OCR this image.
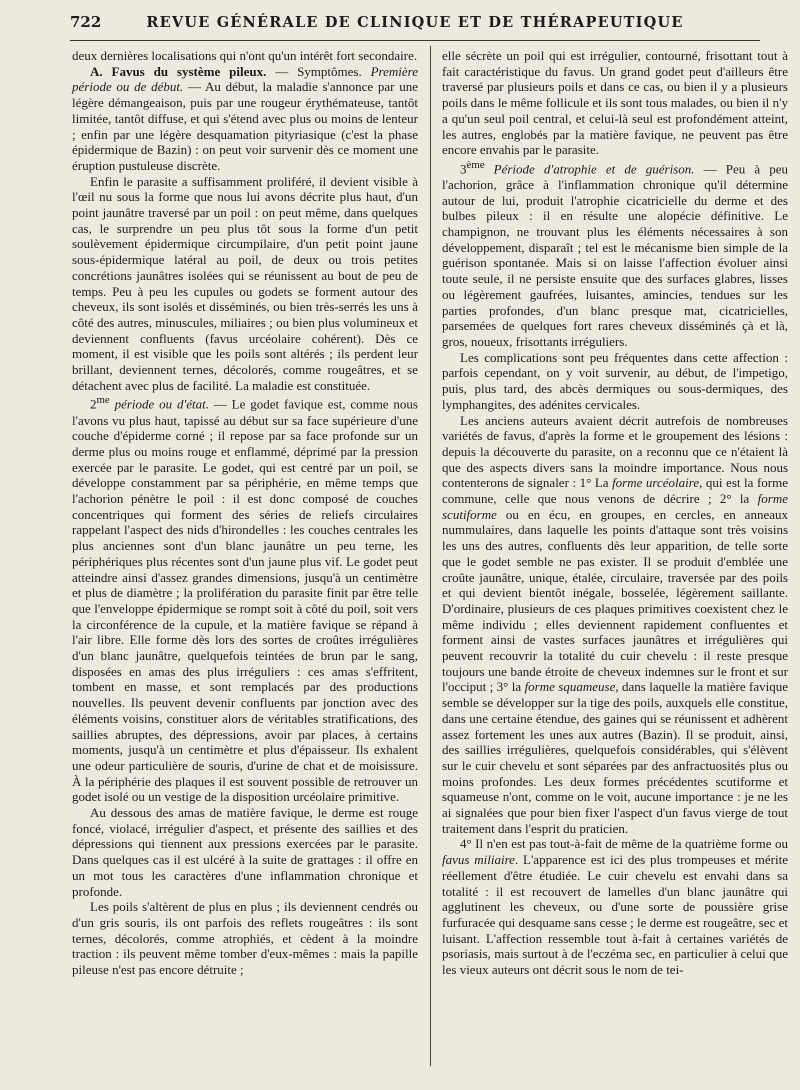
722	REVUE GÉNÉRALE DE CLINIQUE ET DE THÉRAPEUTIQUE

deux dernières localisations qui n'ont qu'un intérêt fort secondaire.

A. Favus du système pileux. — Symptômes. Première période ou de début. — Au début, la maladie s'annonce par une légère démangeaison, puis par une rougeur érythémateuse, tantôt limitée, tantôt diffuse, et qui s'étend avec plus ou moins de lenteur ; enfin par une légère desquamation pityriasique (c'est la phase épidermique de Bazin) : on peut voir survenir dès ce moment une éruption pustuleuse discrète.

Enfin le parasite a suffisamment proliféré, il devient visible à l'œil nu sous la forme que nous lui avons décrite plus haut, d'un point jaunâtre traversé par un poil : on peut même, dans quelques cas, le surprendre un peu plus tôt sous la forme d'un petit soulèvement épidermique circumpilaire, d'un petit point jaune sous-épidermique latéral au poil, de deux ou trois petites concrétions jaunâtres isolées qui se réunissent au bout de peu de temps. Peu à peu les cupules ou godets se forment autour des cheveux, ils sont isolés et disséminés, ou bien très-serrés les uns à côté des autres, minuscules, miliaires ; ou bien plus volumineux et deviennent confluents (favus urcéolaire cohérent). Dès ce moment, il est visible que les poils sont altérés ; ils perdent leur brillant, deviennent ternes, décolorés, comme rougeâtres, et se détachent avec plus de facilité. La maladie est constituée.

$2^{me}$ période ou d'état. — Le godet favique est, comme nous l'avons vu plus haut, tapissé au début sur sa face supérieure d'une couche d'épiderme corné ; il repose par sa face profonde sur un derme plus ou moins rouge et enflammé, déprimé par la pression exercée par le parasite. Le godet, qui est centré par un poil, se développe constamment par sa périphérie, en même temps que l'achorion pénètre le poil : il est donc composé de couches concentriques qui forment des séries de reliefs circulaires rappelant l'aspect des nids d'hirondelles : les couches centrales les plus anciennes sont d'un blanc jaunâtre un peu terne, les périphériques plus récentes sont d'un jaune plus vif. Le godet peut atteindre ainsi d'assez grandes dimensions, jusqu'à un centimètre et plus de diamètre ; la prolifération du parasite finit par être telle que l'enveloppe épidermique se rompt soit à côté du poil, soit vers la circonférence de la cupule, et la matière favique se répand à l'air libre. Elle forme dès lors des sortes de croûtes irrégulières d'un blanc jaunâtre, quelquefois teintées de brun par le sang, disposées en amas des plus irréguliers : ces amas s'effritent, tombent en masse, et sont remplacés par des productions nouvelles. Ils peuvent devenir confluents par jonction avec des éléments voisins, constituer alors de véritables stratifications, des saillies abruptes, des dépressions, avoir par places, à certains moments, jusqu'à un centimètre et plus d'épaisseur. Ils exhalent une odeur particulière de souris, d'urine de chat et de moisissure. À la périphérie des plaques il est souvent possible de retrouver un godet isolé ou un vestige de la disposition urcéolaire primitive.

Au dessous des amas de matière favique, le derme est rouge foncé, violacé, irrégulier d'aspect, et présente des saillies et des dépressions qui tiennent aux pressions exercées par le parasite. Dans quelques cas il est ulcéré à la suite de grattages : il offre en un mot tous les caractères d'une inflammation chronique et profonde.

Les poils s'altèrent de plus en plus ; ils deviennent cendrés ou d'un gris souris, ils ont parfois des reflets rougeâtres : ils sont ternes, décolorés, comme atrophiés, et cèdent à la moindre traction : ils peuvent même tomber d'eux-mêmes : mais la papille pileuse n'est pas encore détruite ;

elle sécrète un poil qui est irrégulier, contourné, frisottant tout à fait caractéristique du favus. Un grand godet peut d'ailleurs être traversé par plusieurs poils et dans ce cas, ou bien il y a plusieurs poils dans le même follicule et ils sont tous malades, ou bien il n'y a qu'un seul poil central, et celui-là seul est profondément atteint, les autres, englobés par la matière favique, ne peuvent pas être encore envahis par le parasite.

3ème Période d'atrophie et de guérison. — Peu à peu l'achorion, grâce à l'inflammation chronique qu'il détermine autour de lui, produit l'atrophie cicatricielle du derme et des bulbes pileux : il en résulte une alopécie définitive. Le champignon, ne trouvant plus les éléments nécessaires à son développement, disparaît ; tel est le mécanisme bien simple de la guérison spontanée. Mais si on laisse l'affection évoluer ainsi toute seule, il ne persiste ensuite que des surfaces glabres, lisses ou légèrement gaufrées, luisantes, amincies, tendues sur les parties profondes, d'un blanc presque mat, cicatricielles, parsemées de quelques fort rares cheveux disséminés çà et là, gros, noueux, frisottants irréguliers.

Les complications sont peu fréquentes dans cette affection : parfois cependant, on y voit survenir, au début, de l'impetigo, puis, plus tard, des abcès dermiques ou sous-dermiques, des lymphangites, des adénites cervicales.

Les anciens auteurs avaient décrit autrefois de nombreuses variétés de favus, d'après la forme et le groupement des lésions : depuis la découverte du parasite, on a reconnu que ce n'étaient là que des aspects divers sans la moindre importance. Nous nous contenterons de signaler : 1° La forme urcéolaire, qui est la forme commune, celle que nous venons de décrire ; 2° la forme scutiforme ou en écu, en groupes, en cercles, en anneaux nummulaires, dans laquelle les points d'attaque sont très voisins les uns des autres, confluents dès leur apparition, de telle sorte que le godet semble ne pas exister. Il se produit d'emblée une croûte jaunâtre, unique, étalée, circulaire, traversée par des poils et qui devient bientôt inégale, bosselée, légèrement saillante. D'ordinaire, plusieurs de ces plaques primitives coexistent chez le même individu ; elles deviennent rapidement confluentes et forment ainsi de vastes surfaces jaunâtres et irrégulières qui peuvent recouvrir la totalité du cuir chevelu : il reste presque toujours une bande étroite de cheveux indemnes sur le front et sur l'occiput ; 3° la forme squameuse, dans laquelle la matière favique semble se développer sur la tige des poils, auxquels elle constitue, dans une certaine étendue, des gaines qui se réunissent et adhèrent assez fortement les unes aux autres (Bazin). Il se produit, ainsi, des saillies irrégulières, quelquefois considérables, qui s'élèvent sur le cuir chevelu et sont séparées par des anfractuosités plus ou moins profondes. Les deux formes précédentes scutiforme et squameuse n'ont, comme on le voit, aucune importance : je ne les ai signalées que pour bien fixer l'aspect d'un favus vierge de tout traitement dans l'esprit du praticien.

4° Il n'en est pas tout-à-fait de même de la quatrième forme ou favus miliaire. L'apparence est ici des plus trompeuses et mérite réellement d'être étudiée. Le cuir chevelu est envahi dans sa totalité : il est recouvert de lamelles d'un blanc jaunâtre qui agglutinent les cheveux, ou d'une sorte de poussière grise furfuracée qui desquame sans cesse ; le derme est rougeâtre, sec et luisant. L'affection ressemble tout à-fait à certaines variétés de psoriasis, mais surtout à de l'eczéma sec, en particulier à celui que les vieux auteurs ont décrit sous le nom de tei-
